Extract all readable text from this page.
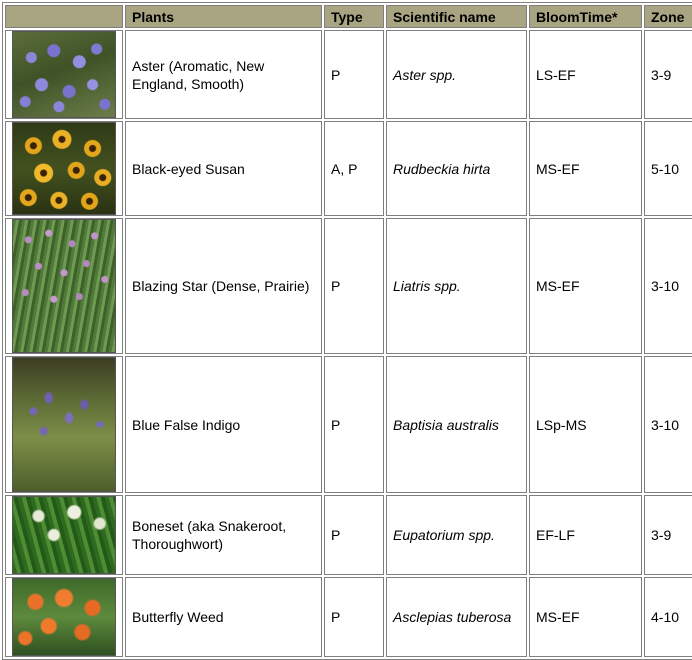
	Plants	Type	Scientific name	BloomTime*	Zone

	Aster (Aromatic, New England, Smooth)	P	Aster spp.	LS-EF	3-9

	Black-eyed Susan	A, P	Rudbeckia hirta	MS-EF	5-10

	Blazing Star (Dense, Prairie)	P	Liatris spp.	MS-EF	3-10

	Blue False Indigo	P	Baptisia australis	LSp-MS	3-10

	Boneset (aka Snakeroot, Thoroughwort)	P	Eupatorium spp.	EF-LF	3-9

	Butterfly Weed	P	Asclepias tuberosa	MS-EF	4-10
